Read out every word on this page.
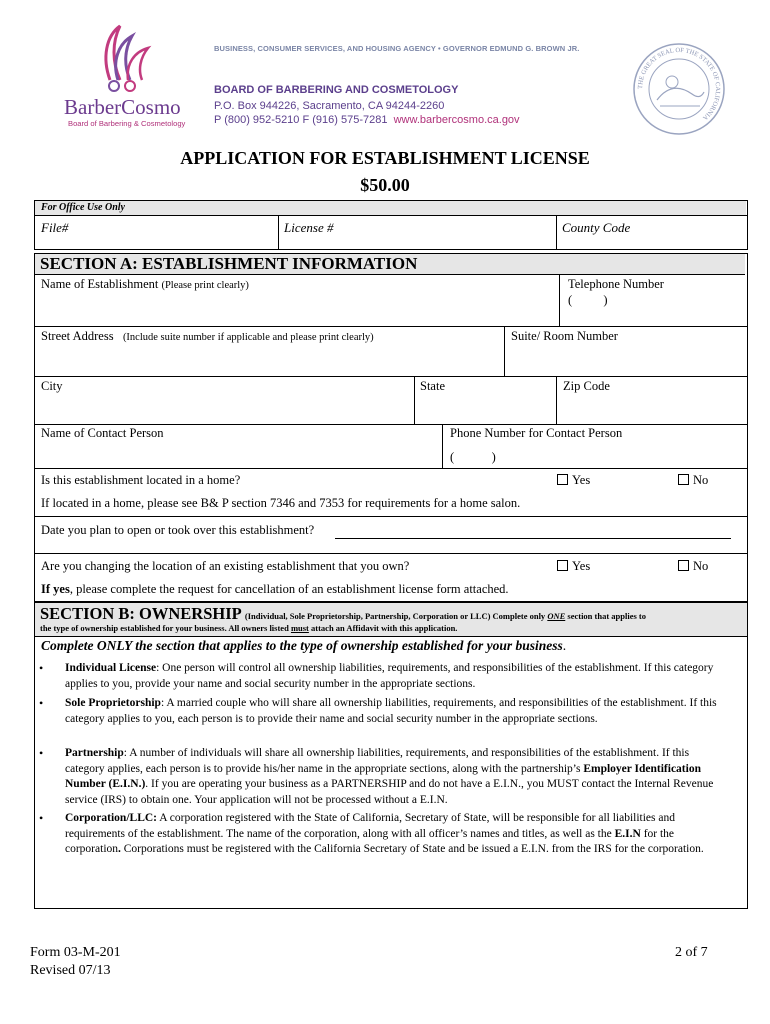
BarberCosmo
Board of Barbering & Cosmetology
BUSINESS, CONSUMER SERVICES, AND HOUSING AGENCY • GOVERNOR EDMUND G. BROWN JR.
BOARD OF BARBERING AND COSMETOLOGY
P.O. Box 944226, Sacramento, CA 94244-2260
P (800) 952-5210 F (916) 575-7281 www.barbercosmo.ca.gov
THE GREAT SEAL OF THE STATE OF CALIFORNIA
APPLICATION FOR ESTABLISHMENT LICENSE
$50.00
For Office Use Only
File#	License #	County Code
SECTION A: ESTABLISHMENT INFORMATION
Name of Establishment (Please print clearly)	Telephone Number
(          )
Street Address (Include suite number if applicable and please print clearly)	Suite/ Room Number
City	State	Zip Code
Name of Contact Person	Phone Number for Contact Person
(            )
Is this establishment located in a home?	Yes	No
If located in a home, please see B& P section 7346 and 7353 for requirements for a home salon.
Date you plan to open or took over this establishment?
Are you changing the location of an existing establishment that you own?	Yes	No
If yes, please complete the request for cancellation of an establishment license form attached.
SECTION B: OWNERSHIP (Individual, Sole Proprietorship, Partnership, Corporation or LLC) Complete only ONE section that applies to
the type of ownership established for your business. All owners listed must attach an Affidavit with this application.
Complete ONLY the section that applies to the type of ownership established for your business.
• Individual License: One person will control all ownership liabilities, requirements, and responsibilities of the establishment. If this category applies to you, provide your name and social security number in the appropriate sections.
• Sole Proprietorship: A married couple who will share all ownership liabilities, requirements, and responsibilities of the establishment. If this category applies to you, each person is to provide their name and social security number in the appropriate sections.
• Partnership: A number of individuals will share all ownership liabilities, requirements, and responsibilities of the establishment. If this category applies, each person is to provide his/her name in the appropriate sections, along with the partnership’s Employer Identification Number (E.I.N.). If you are operating your business as a PARTNERSHIP and do not have a E.I.N., you MUST contact the Internal Revenue service (IRS) to obtain one. Your application will not be processed without a E.I.N.
• Corporation/LLC: A corporation registered with the State of California, Secretary of State, will be responsible for all liabilities and requirements of the establishment. The name of the corporation, along with all officer’s names and titles, as well as the E.I.N for the corporation. Corporations must be registered with the California Secretary of State and be issued a E.I.N. from the IRS for the corporation.
Form 03-M-201
Revised 07/13
2 of 7
